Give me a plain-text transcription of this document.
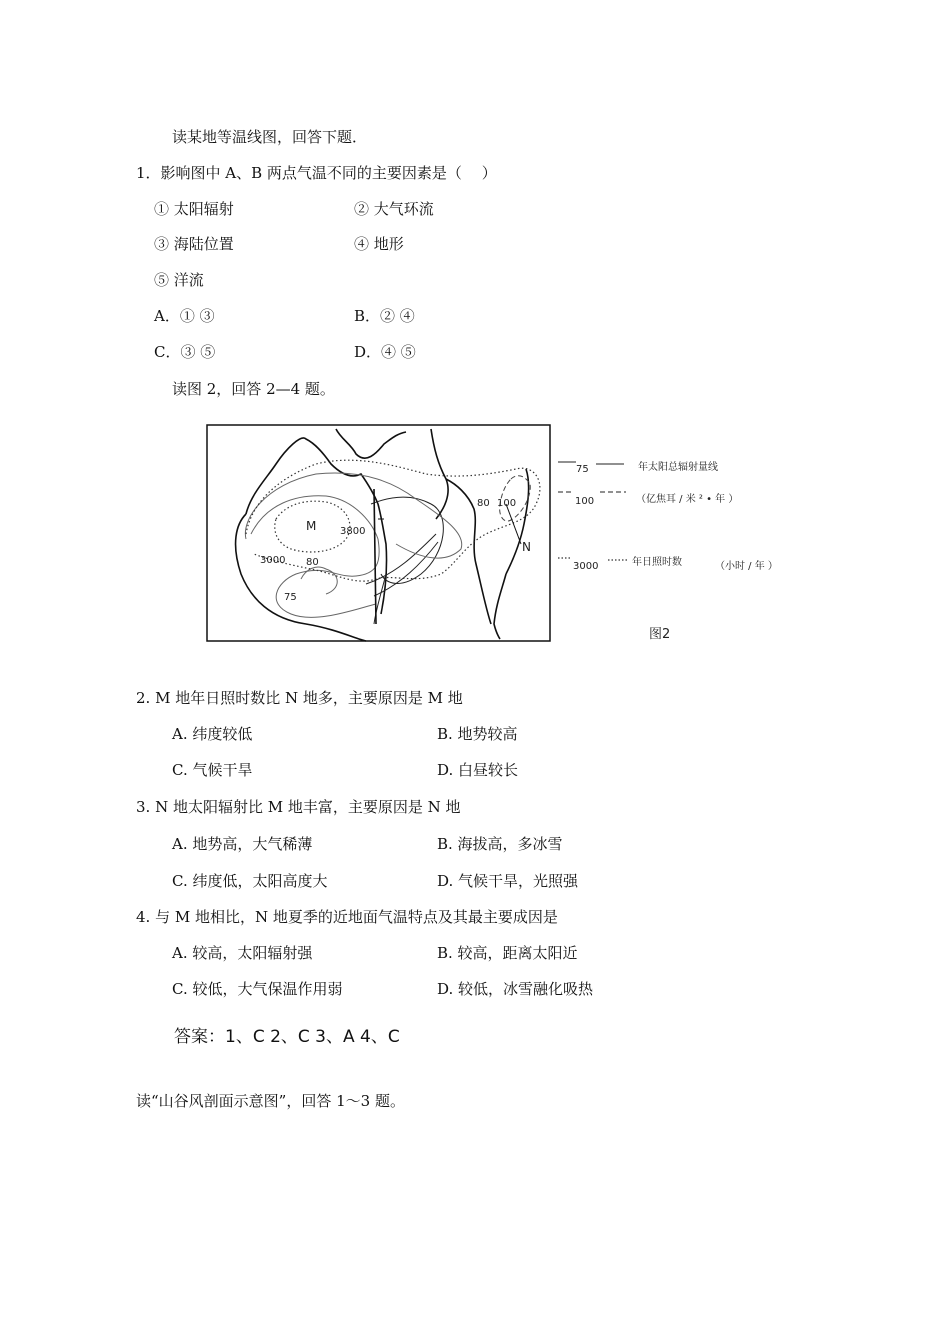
读某地等温线图，回答下题．
1．影响图中 A、B 两点气温不同的主要因素是（　 ）
① 太阳辐射	② 大气环流
③ 海陆位置	④ 地形
⑤ 洋流
A．① ③	B．② ④
C．③ ⑤	D．④ ⑤
读图 2，回答 2—4 题。
M
N
3800
3000 80
75
80 100
75
100
年太阳总辐射量线
（亿焦耳 / 米 ² • 年 ）
3000	年日照时数	（小时 / 年 ）
图2
2. M 地年日照时数比 N 地多，主要原因是 M 地
A. 纬度较低	B. 地势较高
C. 气候干旱	D. 白昼较长
3. N 地太阳辐射比 M 地丰富，主要原因是 N 地
A. 地势高，大气稀薄	B. 海拔高，多冰雪
C. 纬度低，太阳高度大	D. 气候干旱，光照强
4. 与 M 地相比，N 地夏季的近地面气温特点及其最主要成因是
A. 较高，太阳辐射强	B. 较高，距离太阳近
C. 较低，大气保温作用弱	D. 较低，冰雪融化吸热
答案：1、C 2、C 3、A 4、C
读“山谷风剖面示意图”，回答 1～3 题。
